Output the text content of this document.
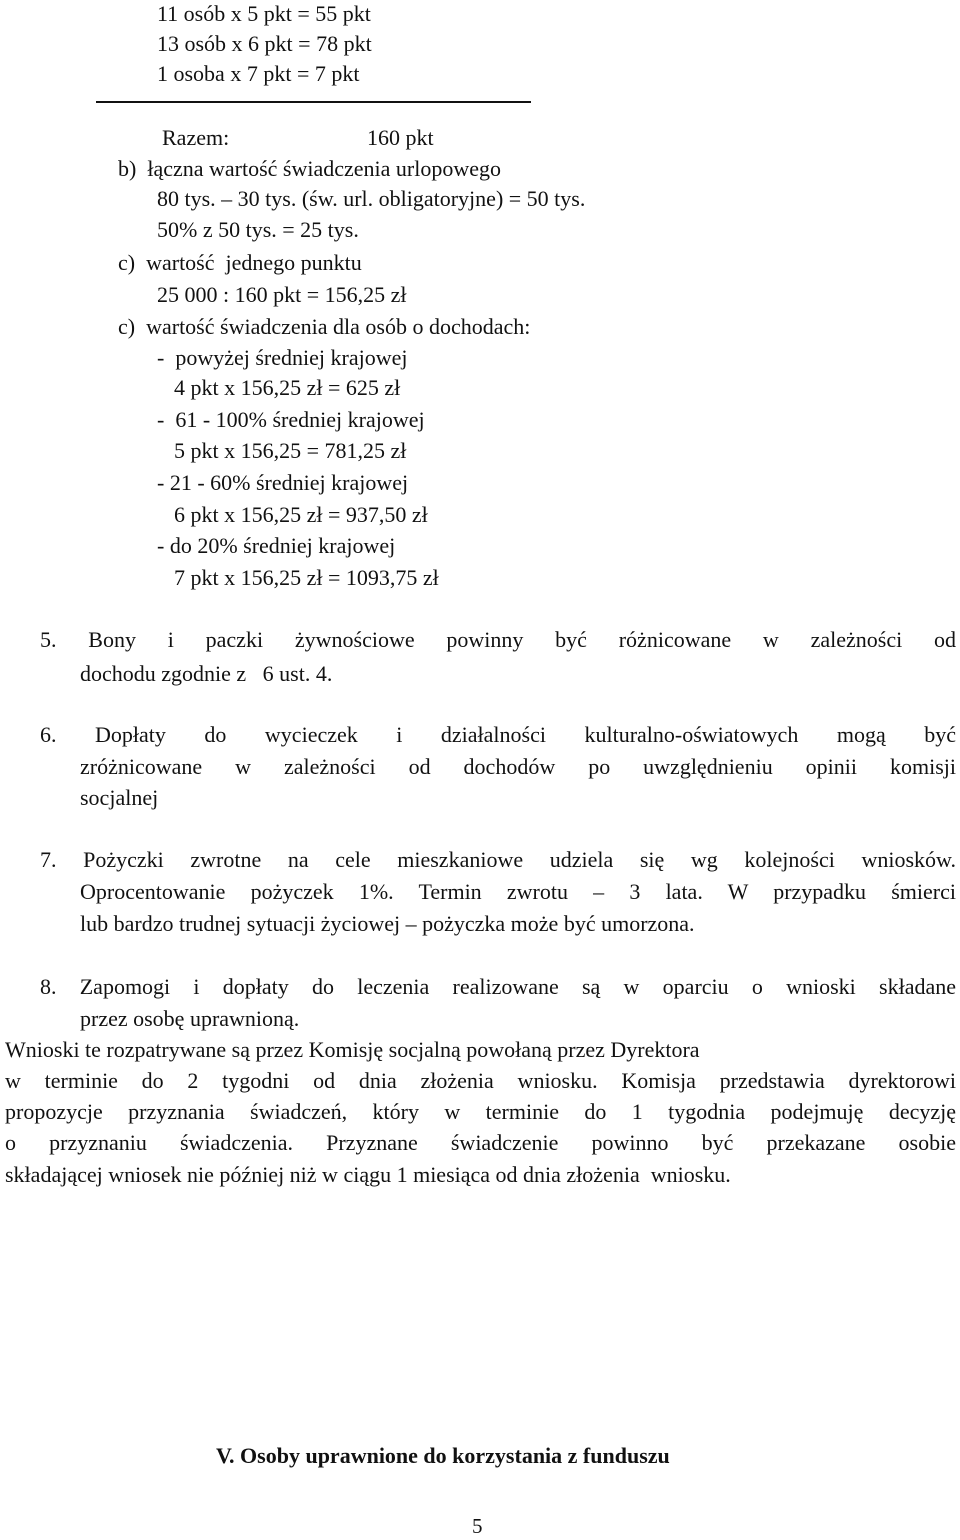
11 osób x 5 pkt = 55 pkt
13 osób x 6 pkt = 78 pkt
1 osoba x 7 pkt = 7 pkt
Razem:	160 pkt
b)  łączna wartość świadczenia urlopowego
80 tys. – 30 tys. (św. url. obligatoryjne) = 50 tys.
50% z 50 tys. = 25 tys.
c)  wartość  jednego punktu
25 000 : 160 pkt = 156,25 zł
c)  wartość świadczenia dla osób o dochodach:
-  powyżej średniej krajowej
4 pkt x 156,25 zł = 625 zł
-  61 - 100% średniej krajowej
5 pkt x 156,25 = 781,25 zł
- 21 - 60% średniej krajowej
6 pkt x 156,25 zł = 937,50 zł
- do 20% średniej krajowej
7 pkt x 156,25 zł = 1093,75 zł
5. Bony i paczki żywnościowe powinny być różnicowane w zależności od
dochodu zgodnie z   6 ust. 4.
6. Dopłaty do wycieczek i działalności kulturalno-oświatowych mogą być
zróżnicowane w zależności od dochodów po uwzględnieniu opinii komisji
socjalnej
7. Pożyczki zwrotne na cele mieszkaniowe udziela się wg kolejności wniosków.
Oprocentowanie pożyczek 1%. Termin zwrotu – 3 lata. W przypadku śmierci
lub bardzo trudnej sytuacji życiowej – pożyczka może być umorzona.
8. Zapomogi i dopłaty do leczenia realizowane są w oparciu o wnioski składane
przez osobę uprawnioną.
Wnioski te rozpatrywane są przez Komisję socjalną powołaną przez Dyrektora
w terminie do 2 tygodni od dnia złożenia wniosku. Komisja przedstawia dyrektorowi
propozycje przyznania świadczeń, który w terminie do 1 tygodnia podejmuję decyzję
o przyznaniu świadczenia. Przyznane świadczenie powinno być przekazane osobie
składającej wniosek nie później niż w ciągu 1 miesiąca od dnia złożenia  wniosku.
V. Osoby uprawnione do korzystania z funduszu
5
